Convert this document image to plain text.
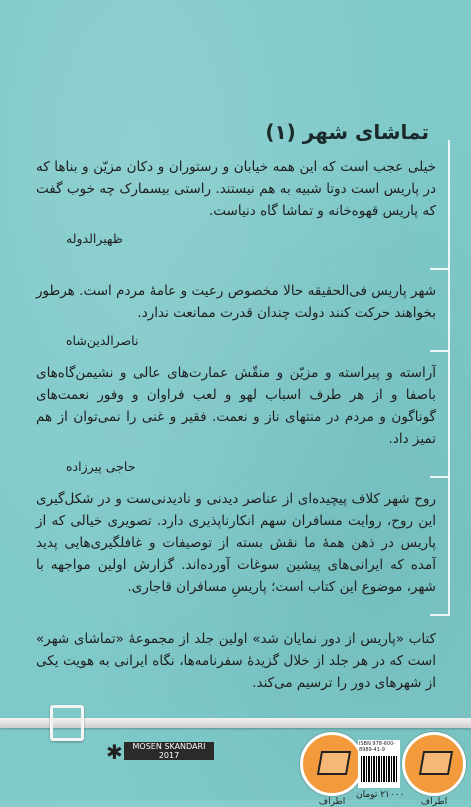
تماشای شهر (۱)

خیلی عجب است که این همه خیابان و رستوران و دکان مزیّن و بناها که در پاریس است دوتا شبیه به هم نیستند. راستی بیسمارک چه خوب گفت که پاریس قهوه‌خانه و تماشا گاه دنیاست.

ظهیرالدوله

شهر پاریس فی‌الحقیقه حالا مخصوص رعیت و عامهٔ مردم است. هرطور بخواهند حرکت کنند دولت چندان قدرت ممانعت ندارد.

ناصرالدین‌شاه

آراسته و پیراسته و مزیّن و منقّش عمارت‌های عالی و نشیمن‌گاه‌های باصفا و از هر طرف اسباب لهو و لعب فراوان و وفور نعمت‌های گوناگون و مردم در منتهای ناز و نعمت. فقیر و غنی را نمی‌توان از هم تمیز داد.

حاجی پیرزاده

روح شهر کلاف پیچیده‌ای از عناصر دیدنی و نادیدنی‌ست و در شکل‌گیری این روح، روایت مسافران سهم انکارناپذیری دارد. تصویری خیالی که از پاریس در ذهن همهٔ ما نقش بسته از توصیفات و غافلگیری‌هایی پدید آمده که ایرانی‌های پیشین سوغات آورده‌اند. گزارش اولین مواجهه با شهر، موضوع این کتاب است؛ پاریسِ مسافران قاجاری.

کتاب «پاریس از دور نمایان شد» اولین جلد از مجموعهٔ «تماشای شهر» است که در هر جلد از خلال گزیدهٔ سفرنامه‌ها، نگاه ایرانی به هویت یکی از شهرهای دور را ترسیم می‌کند.

✱	MOSEN SKANDARI 2017
اطراف
ISBN 978-600-8989-41-9
۲۱۰۰۰ تومان
اطراف
